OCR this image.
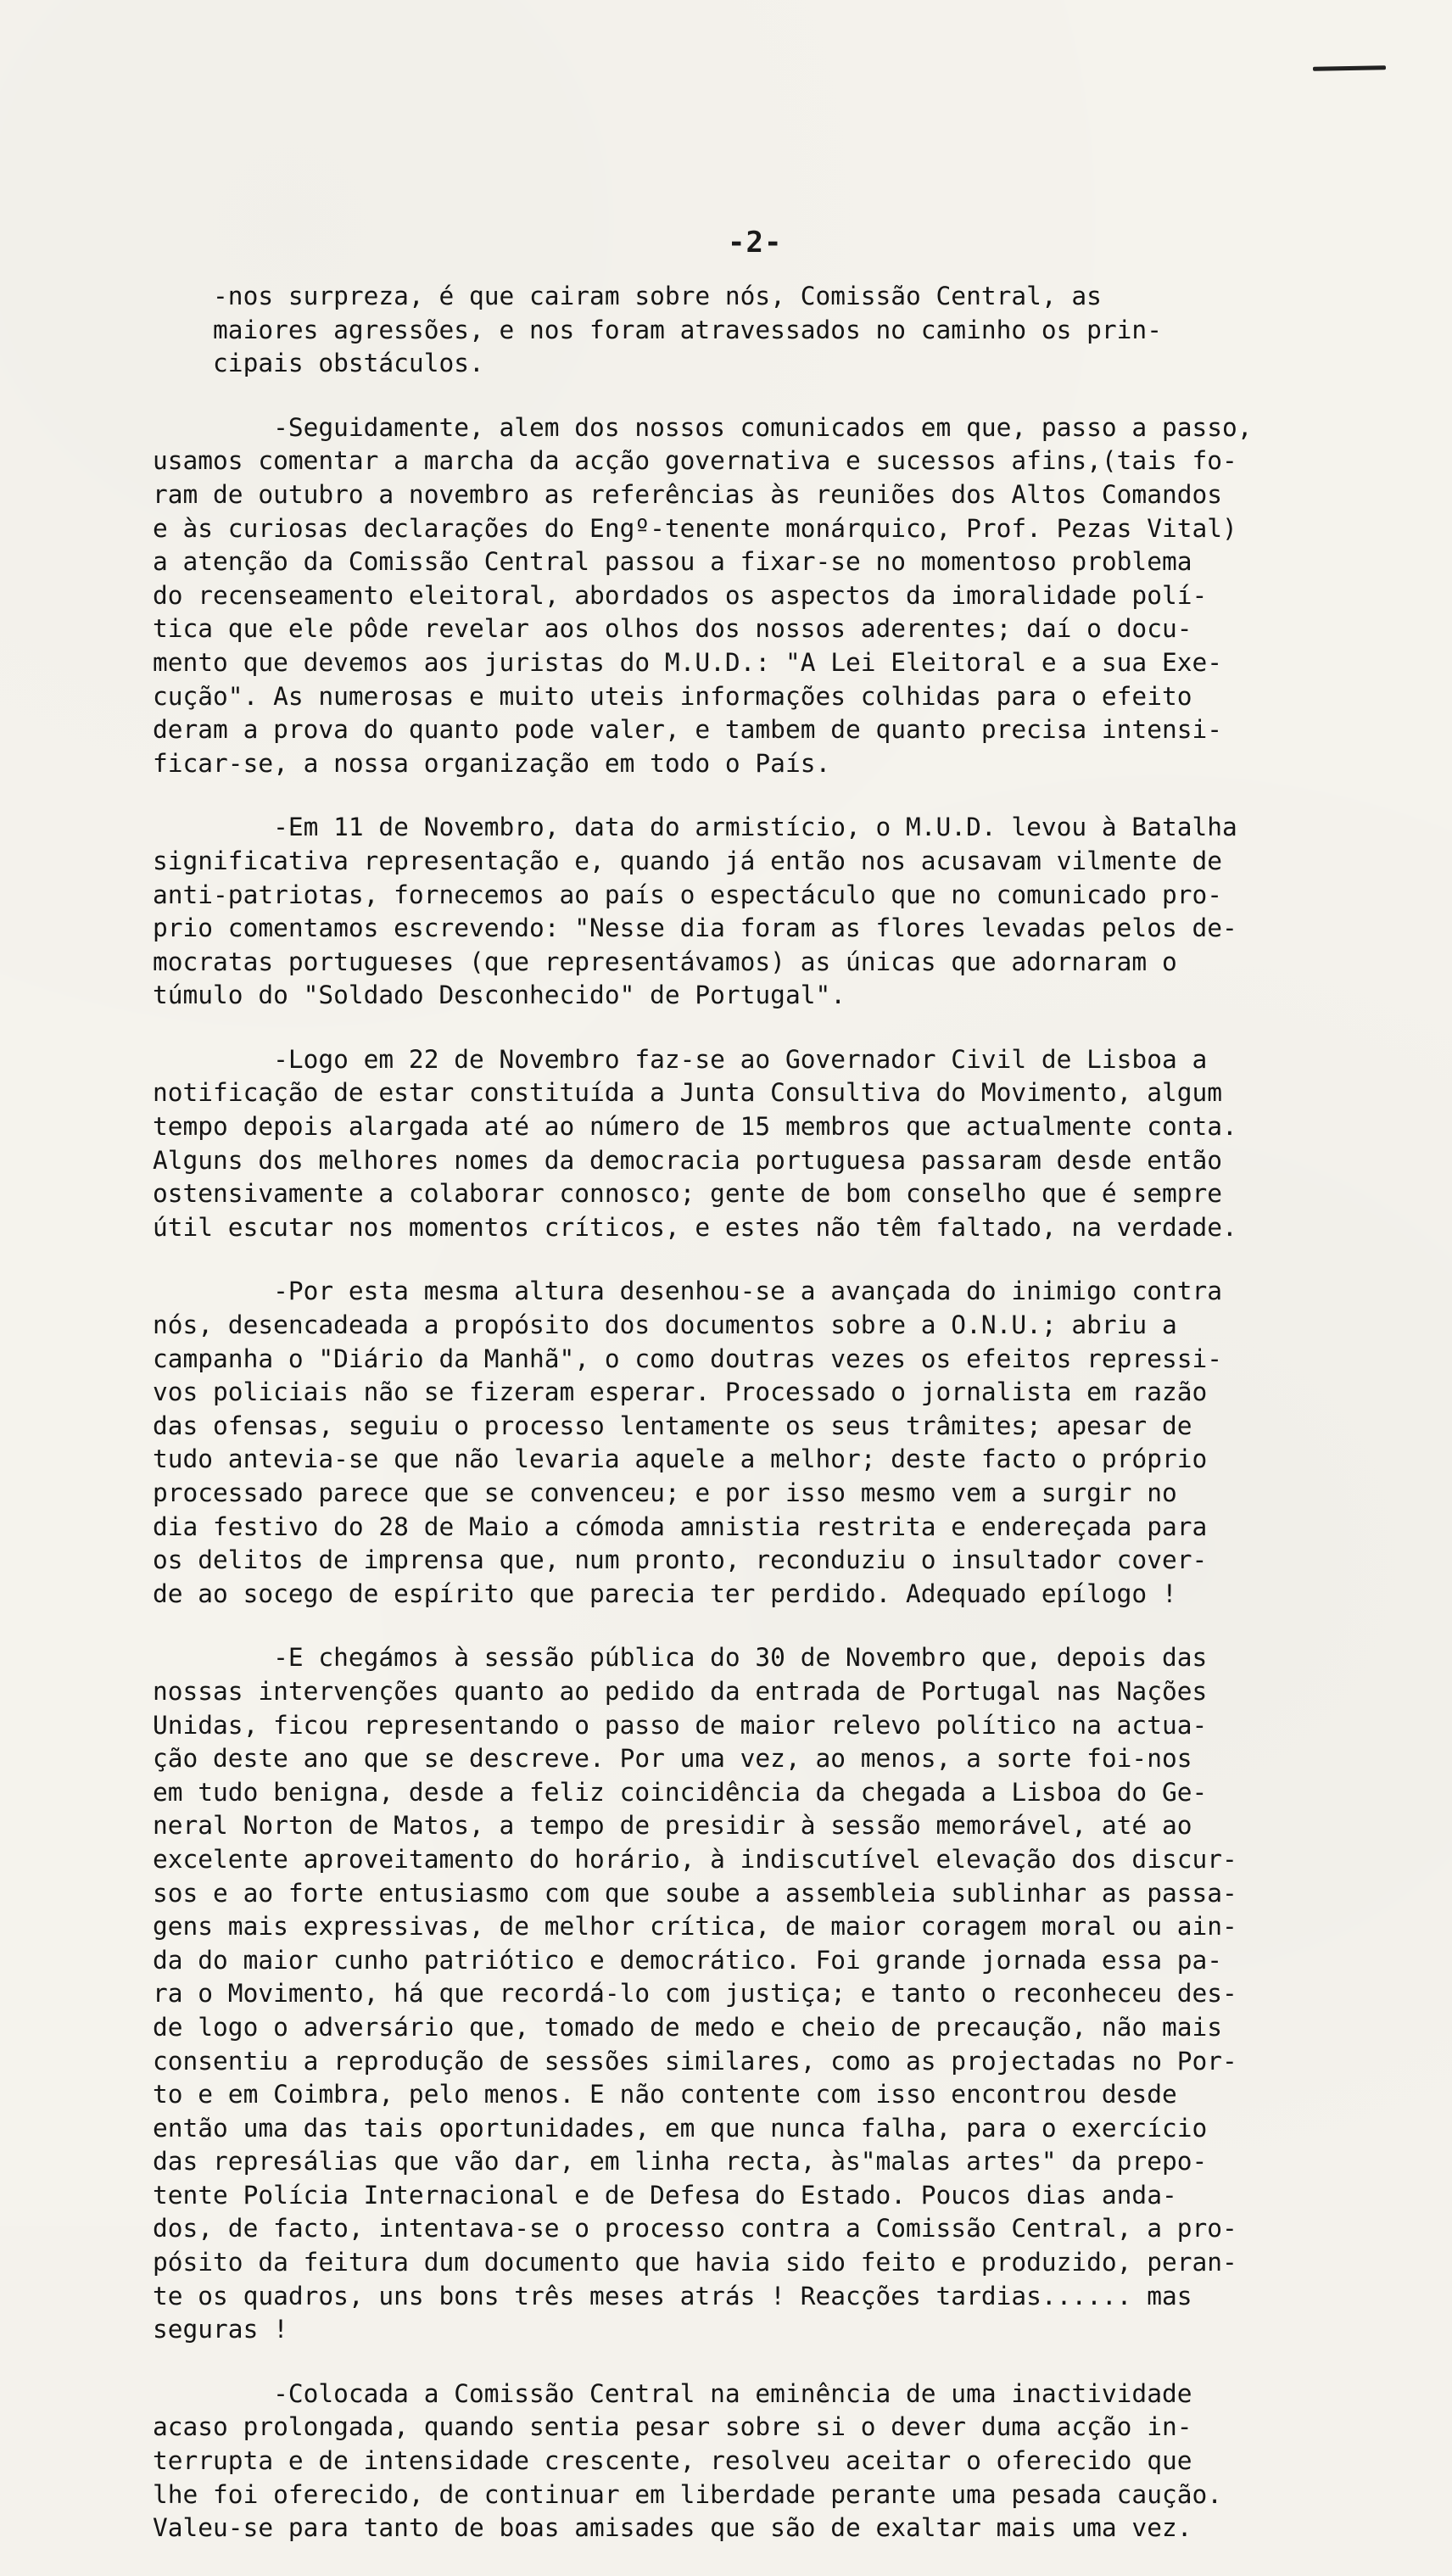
-2-
-nos surpreza, é que cairam sobre nós, Comissão Central, as
maiores agressões, e nos foram atravessados no caminho os prin-
cipais obstáculos.
-Seguidamente, alem dos nossos comunicados em que, passo a passo,
usamos comentar a marcha da acção governativa e sucessos afins,(tais fo-
ram de outubro a novembro as referências às reuniões dos Altos Comandos
e às curiosas declarações do Engº-tenente monárquico, Prof. Pezas Vital)
a atenção da Comissão Central passou a fixar-se no momentoso problema
do recenseamento eleitoral, abordados os aspectos da imoralidade polí-
tica que ele pôde revelar aos olhos dos nossos aderentes; daí o docu-
mento que devemos aos juristas do M.U.D.: "A Lei Eleitoral e a sua Exe-
cução". As numerosas e muito uteis informações colhidas para o efeito
deram a prova do quanto pode valer, e tambem de quanto precisa intensi-
ficar-se, a nossa organização em todo o País.
-Em 11 de Novembro, data do armistício, o M.U.D. levou à Batalha
significativa representação e, quando já então nos acusavam vilmente de
anti-patriotas, fornecemos ao país o espectáculo que no comunicado pro-
prio comentamos escrevendo: "Nesse dia foram as flores levadas pelos de-
mocratas portugueses (que representávamos) as únicas que adornaram o
túmulo do "Soldado Desconhecido" de Portugal".
-Logo em 22 de Novembro faz-se ao Governador Civil de Lisboa a
notificação de estar constituída a Junta Consultiva do Movimento, algum
tempo depois alargada até ao número de 15 membros que actualmente conta.
Alguns dos melhores nomes da democracia portuguesa passaram desde então
ostensivamente a colaborar connosco; gente de bom conselho que é sempre
útil escutar nos momentos críticos, e estes não têm faltado, na verdade.
-Por esta mesma altura desenhou-se a avançada do inimigo contra
nós, desencadeada a propósito dos documentos sobre a O.N.U.; abriu a
campanha o "Diário da Manhã", o como doutras vezes os efeitos repressi-
vos policiais não se fizeram esperar. Processado o jornalista em razão
das ofensas, seguiu o processo lentamente os seus trâmites; apesar de
tudo antevia-se que não levaria aquele a melhor; deste facto o próprio
processado parece que se convenceu; e por isso mesmo vem a surgir no
dia festivo do 28 de Maio a cómoda amnistia restrita e endereçada para
os delitos de imprensa que, num pronto, reconduziu o insultador cover-
de ao socego de espírito que parecia ter perdido. Adequado epílogo !
-E chegámos à sessão pública do 30 de Novembro que, depois das
nossas intervenções quanto ao pedido da entrada de Portugal nas Nações
Unidas, ficou representando o passo de maior relevo político na actua-
ção deste ano que se descreve. Por uma vez, ao menos, a sorte foi-nos
em tudo benigna, desde a feliz coincidência da chegada a Lisboa do Ge-
neral Norton de Matos, a tempo de presidir à sessão memorável, até ao
excelente aproveitamento do horário, à indiscutível elevação dos discur-
sos e ao forte entusiasmo com que soube a assembleia sublinhar as passa-
gens mais expressivas, de melhor crítica, de maior coragem moral ou ain-
da do maior cunho patriótico e democrático. Foi grande jornada essa pa-
ra o Movimento, há que recordá-lo com justiça; e tanto o reconheceu des-
de logo o adversário que, tomado de medo e cheio de precaução, não mais
consentiu a reprodução de sessões similares, como as projectadas no Por-
to e em Coimbra, pelo menos. E não contente com isso encontrou desde
então uma das tais oportunidades, em que nunca falha, para o exercício
das represálias que vão dar, em linha recta, às"malas artes" da prepo-
tente Polícia Internacional e de Defesa do Estado. Poucos dias anda-
dos, de facto, intentava-se o processo contra a Comissão Central, a pro-
pósito da feitura dum documento que havia sido feito e produzido, peran-
te os quadros, uns bons três meses atrás ! Reacções tardias...... mas
seguras !
-Colocada a Comissão Central na eminência de uma inactividade
acaso prolongada, quando sentia pesar sobre si o dever duma acção in-
terrupta e de intensidade crescente, resolveu aceitar o oferecido que
lhe foi oferecido, de continuar em liberdade perante uma pesada caução.
Valeu-se para tanto de boas amisades que são de exaltar mais uma vez.
